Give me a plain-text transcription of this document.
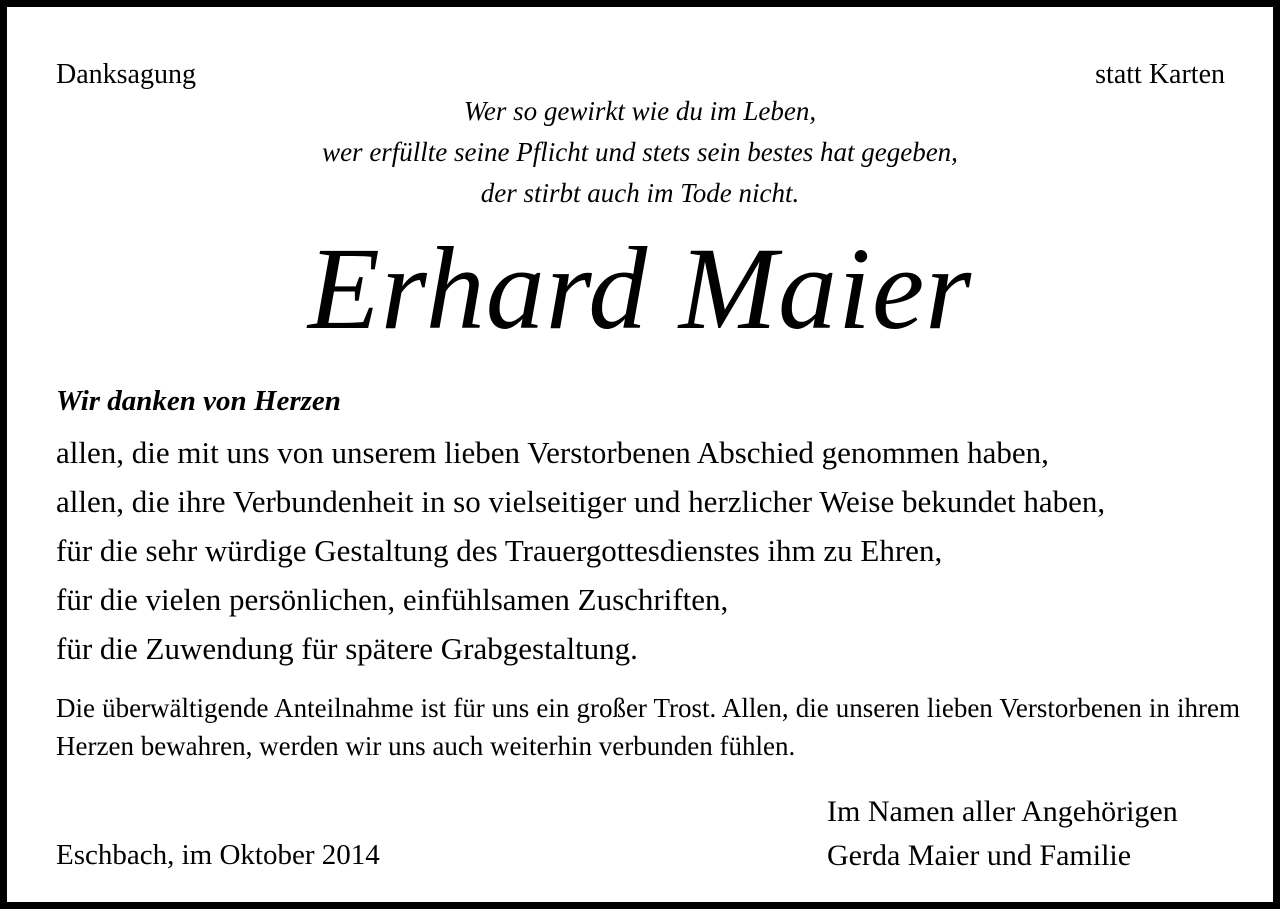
Danksagung	statt Karten
Wer so gewirkt wie du im Leben,
wer erfüllte seine Pflicht und stets sein bestes hat gegeben,
der stirbt auch im Tode nicht.
Erhard Maier
Wir danken von Herzen
allen, die mit uns von unserem lieben Verstorbenen Abschied genommen haben,
allen, die ihre Verbundenheit in so vielseitiger und herzlicher Weise bekundet haben,
für die sehr würdige Gestaltung des Trauergottesdienstes ihm zu Ehren,
für die vielen persönlichen, einfühlsamen Zuschriften,
für die Zuwendung für spätere Grabgestaltung.
Die überwältigende Anteilnahme ist für uns ein großer Trost. Allen, die unseren lieben Verstorbenen in ihrem Herzen bewahren, werden wir uns auch weiterhin verbunden fühlen.
Eschbach, im Oktober 2014
Im Namen aller Angehörigen
Gerda Maier und Familie
